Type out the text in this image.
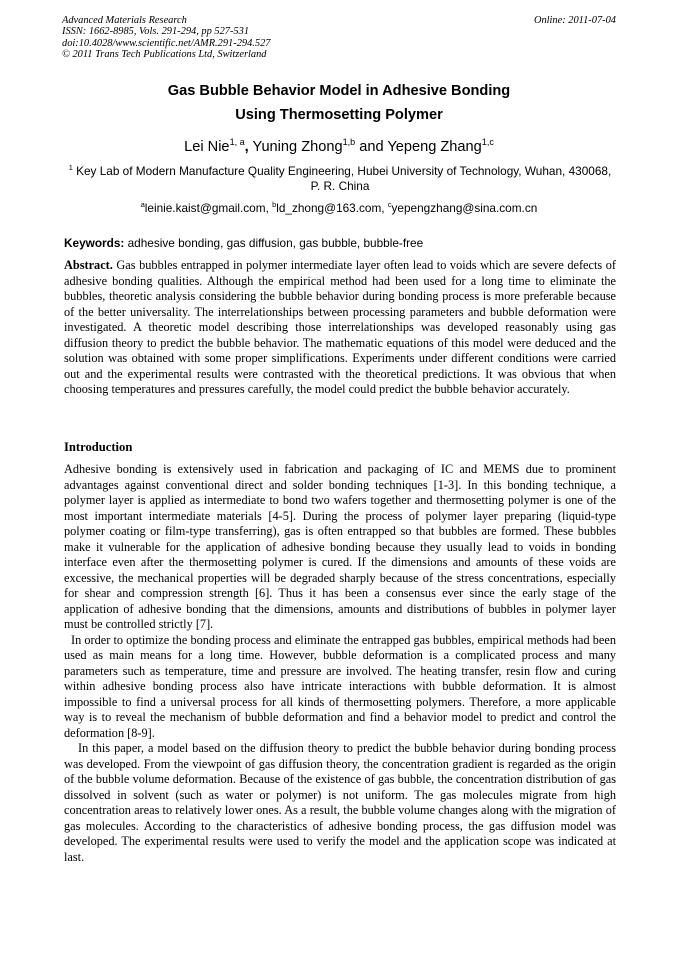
Advanced Materials Research
ISSN: 1662-8985, Vols. 291-294, pp 527-531
doi:10.4028/www.scientific.net/AMR.291-294.527
© 2011 Trans Tech Publications Ltd, Switzerland
Online: 2011-07-04
Gas Bubble Behavior Model in Adhesive Bonding
Using Thermosetting Polymer
Lei Nie$^{1, a}$, Yuning Zhong$^{1,b}$ and Yepeng Zhang$^{1,c}$
$^1$ Key Lab of Modern Manufacture Quality Engineering, Hubei University of Technology, Wuhan, 430068, P. R. China
$^a$leinie.kaist@gmail.com, $^b$ld_zhong@163.com, $^c$yepengzhang@sina.com.cn
Keywords: adhesive bonding, gas diffusion, gas bubble, bubble-free

Abstract. Gas bubbles entrapped in polymer intermediate layer often lead to voids which are severe defects of adhesive bonding qualities. Although the empirical method had been used for a long time to eliminate the bubbles, theoretic analysis considering the bubble behavior during bonding process is more preferable because of the better universality. The interrelationships between processing parameters and bubble deformation were investigated. A theoretic model describing those interrelationships was developed reasonably using gas diffusion theory to predict the bubble behavior. The mathematic equations of this model were deduced and the solution was obtained with some proper simplifications. Experiments under different conditions were carried out and the experimental results were contrasted with the theoretical predictions. It was obvious that when choosing temperatures and pressures carefully, the model could predict the bubble behavior accurately.

Introduction

Adhesive bonding is extensively used in fabrication and packaging of IC and MEMS due to prominent advantages against conventional direct and solder bonding techniques [1-3]. In this bonding technique, a polymer layer is applied as intermediate to bond two wafers together and thermosetting polymer is one of the most important intermediate materials [4-5]. During the process of polymer layer preparing (liquid-type polymer coating or film-type transferring), gas is often entrapped so that bubbles are formed. These bubbles make it vulnerable for the application of adhesive bonding because they usually lead to voids in bonding interface even after the thermosetting polymer is cured. If the dimensions and amounts of these voids are excessive, the mechanical properties will be degraded sharply because of the stress concentrations, especially for shear and compression strength [6]. Thus it has been a consensus ever since the early stage of the application of adhesive bonding that the dimensions, amounts and distributions of bubbles in polymer layer must be controlled strictly [7].

In order to optimize the bonding process and eliminate the entrapped gas bubbles, empirical methods had been used as main means for a long time. However, bubble deformation is a complicated process and many parameters such as temperature, time and pressure are involved. The heating transfer, resin flow and curing within adhesive bonding process also have intricate interactions with bubble deformation. It is almost impossible to find a universal process for all kinds of thermosetting polymers. Therefore, a more applicable way is to reveal the mechanism of bubble deformation and find a behavior model to predict and control the deformation [8-9].

In this paper, a model based on the diffusion theory to predict the bubble behavior during bonding process was developed. From the viewpoint of gas diffusion theory, the concentration gradient is regarded as the origin of the bubble volume deformation. Because of the existence of gas bubble, the concentration distribution of gas dissolved in solvent (such as water or polymer) is not uniform. The gas molecules migrate from high concentration areas to relatively lower ones. As a result, the bubble volume changes along with the migration of gas molecules. According to the characteristics of adhesive bonding process, the gas diffusion model was developed. The experimental results were used to verify the model and the application scope was indicated at last.
